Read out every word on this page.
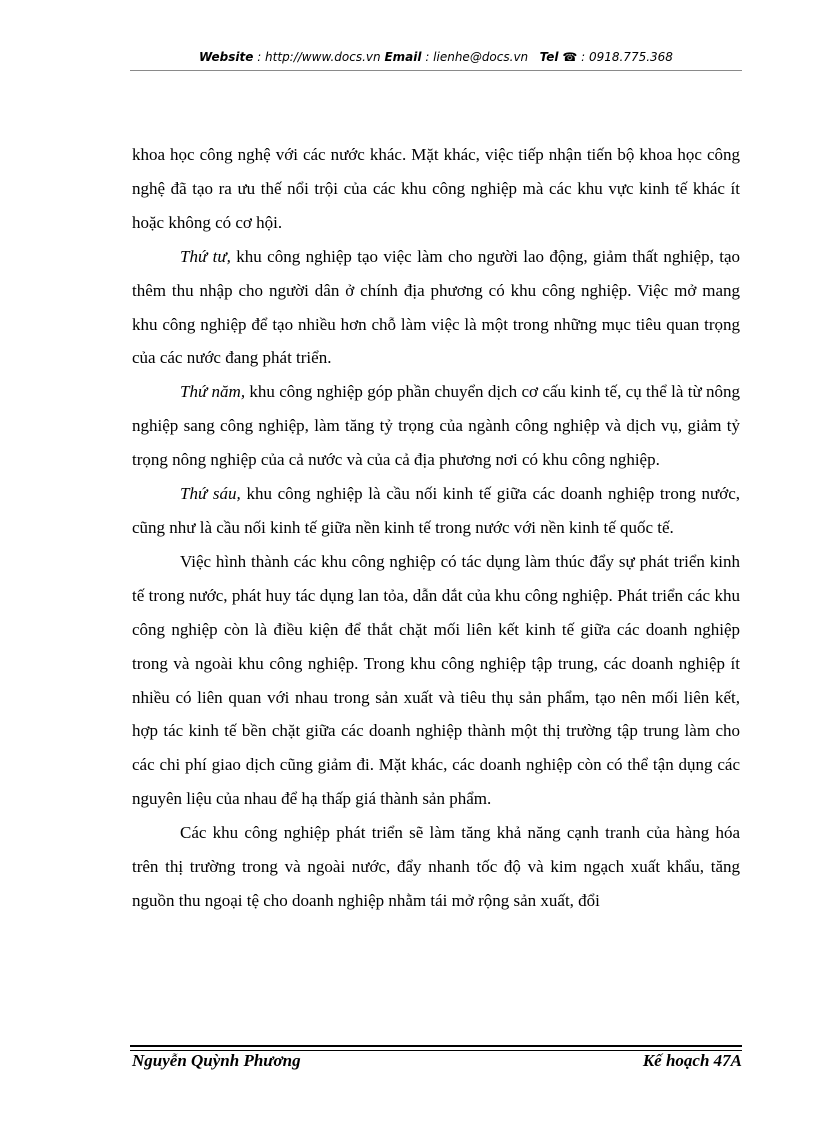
Website : http://www.docs.vn Email : lienhe@docs.vn Tel ☎ : 0918.775.368

khoa học công nghệ với các nước khác. Mặt khác, việc tiếp nhận tiến bộ khoa học công nghệ đã tạo ra ưu thế nổi trội của các khu công nghiệp mà các khu vực kinh tế khác ít hoặc không có cơ hội.

Thứ tư, khu công nghiệp tạo việc làm cho người lao động, giảm thất nghiệp, tạo thêm thu nhập cho người dân ở chính địa phương có khu công nghiệp. Việc mở mang khu công nghiệp để tạo nhiều hơn chỗ làm việc là một trong những mục tiêu quan trọng của các nước đang phát triển.

Thứ năm, khu công nghiệp góp phần chuyển dịch cơ cấu kinh tế, cụ thể là từ nông nghiệp sang công nghiệp, làm tăng tỷ trọng của ngành công nghiệp và dịch vụ, giảm tỷ trọng nông nghiệp của cả nước và của cả địa phương nơi có khu công nghiệp.

Thứ sáu, khu công nghiệp là cầu nối kinh tế giữa các doanh nghiệp trong nước, cũng như là cầu nối kinh tế giữa nền kinh tế trong nước với nền kinh tế quốc tế.

Việc hình thành các khu công nghiệp có tác dụng làm thúc đẩy sự phát triển kinh tế trong nước, phát huy tác dụng lan tỏa, dẫn dắt của khu công nghiệp. Phát triển các khu công nghiệp còn là điều kiện để thắt chặt mối liên kết kinh tế giữa các doanh nghiệp trong và ngoài khu công nghiệp. Trong khu công nghiệp tập trung, các doanh nghiệp ít nhiều có liên quan với nhau trong sản xuất và tiêu thụ sản phẩm, tạo nên mối liên kết, hợp tác kinh tế bền chặt giữa các doanh nghiệp thành một thị trường tập trung làm cho các chi phí giao dịch cũng giảm đi. Mặt khác, các doanh nghiệp còn có thể tận dụng các nguyên liệu của nhau để hạ thấp giá thành sản phẩm.

Các khu công nghiệp phát triển sẽ làm tăng khả năng cạnh tranh của hàng hóa trên thị trường trong và ngoài nước, đẩy nhanh tốc độ và kim ngạch xuất khẩu, tăng nguồn thu ngoại tệ cho doanh nghiệp nhằm tái mở rộng sản xuất, đổi

Nguyễn Quỳnh Phương	Kế hoạch 47A
